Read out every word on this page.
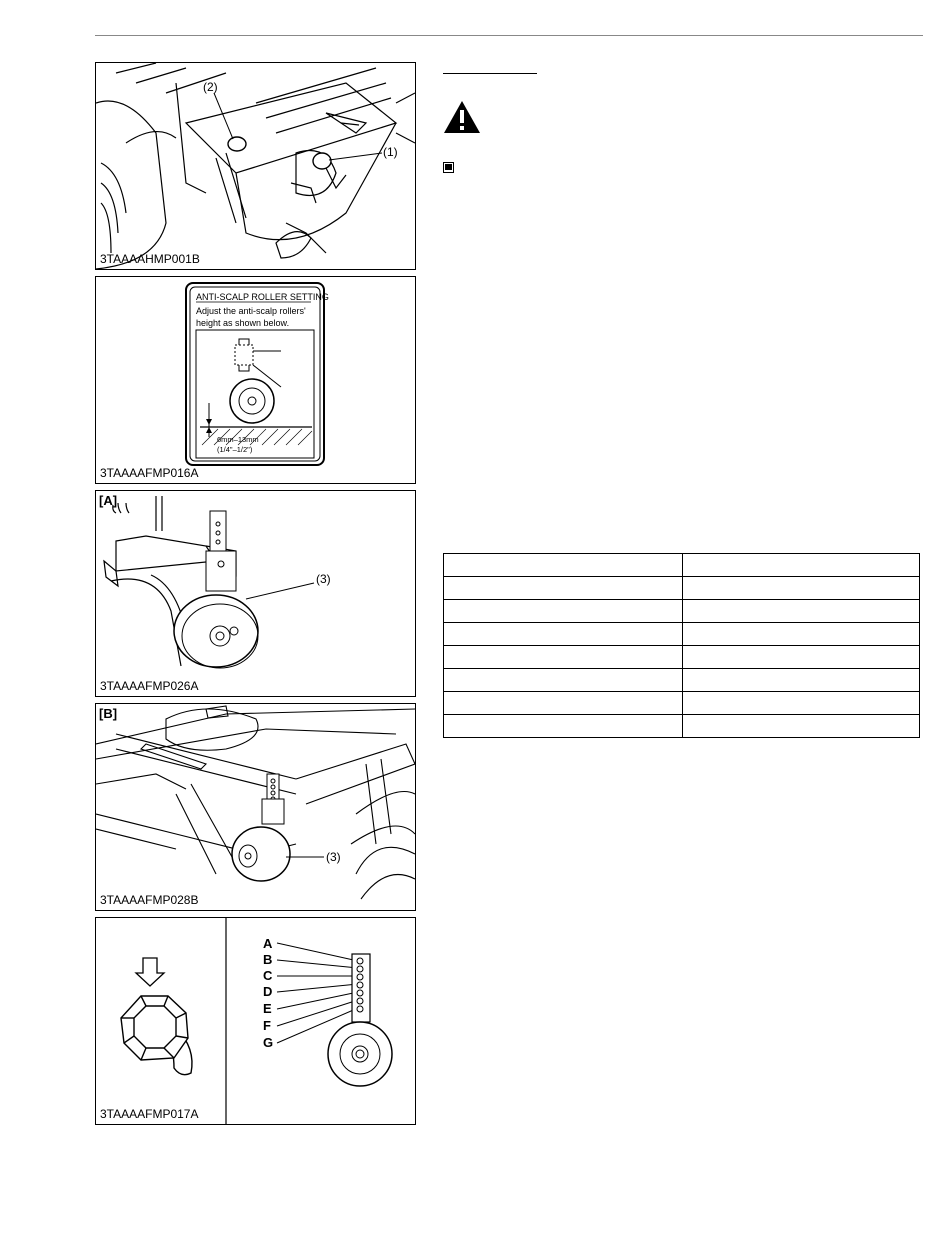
(2)
(1)
3TAAAAHMP001B
ANTI-SCALP ROLLER SETTING
Adjust the anti-scalp rollers'
height as shown below.
6mm–13mm
(1/4"–1/2")
3TAAAAFMP016A
[A]
(3)
3TAAAAFMP026A
[B]
(3)
3TAAAAFMP028B
A
B
C
D
E
F
G
3TAAAAFMP017A
